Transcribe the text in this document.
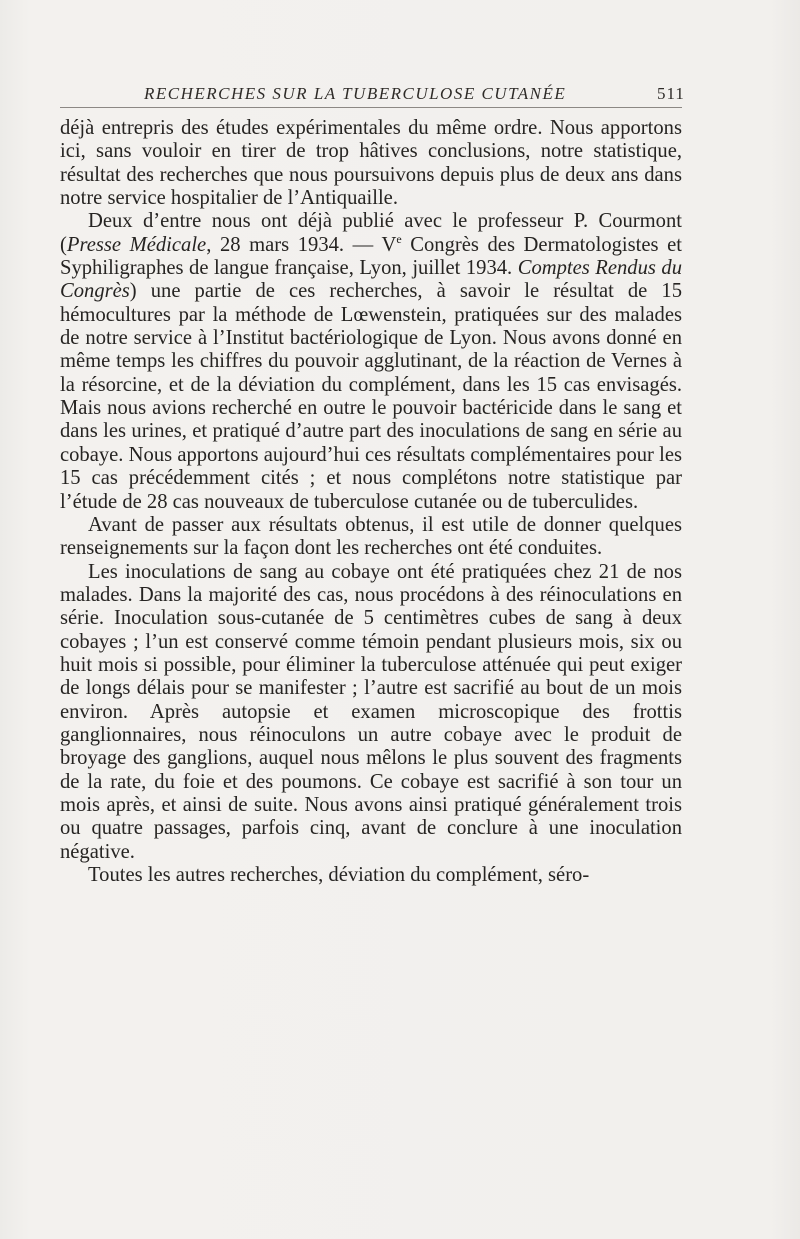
RECHERCHES SUR LA TUBERCULOSE CUTANÉE	511

déjà entrepris des études expérimentales du même ordre. Nous apportons ici, sans vouloir en tirer de trop hâtives conclusions, notre statistique, résultat des recherches que nous poursuivons depuis plus de deux ans dans notre service hospitalier de l’Antiquaille.

Deux d’entre nous ont déjà publié avec le professeur P. Courmont (Presse Médicale, 28 mars 1934. — Ve Congrès des Dermatologistes et Syphiligraphes de langue française, Lyon, juillet 1934. Comptes Rendus du Congrès) une partie de ces recherches, à savoir le résultat de 15 hémocultures par la méthode de Lœwenstein, pratiquées sur des malades de notre service à l’Institut bactériologique de Lyon. Nous avons donné en même temps les chiffres du pouvoir agglutinant, de la réaction de Vernes à la résorcine, et de la déviation du complément, dans les 15 cas envisagés. Mais nous avions recherché en outre le pouvoir bactéricide dans le sang et dans les urines, et pratiqué d’autre part des inoculations de sang en série au cobaye. Nous apportons aujourd’hui ces résultats complémentaires pour les 15 cas précédemment cités ; et nous complétons notre statistique par l’étude de 28 cas nouveaux de tuberculose cutanée ou de tuberculides.

Avant de passer aux résultats obtenus, il est utile de donner quelques renseignements sur la façon dont les recherches ont été conduites.

Les inoculations de sang au cobaye ont été pratiquées chez 21 de nos malades. Dans la majorité des cas, nous procédons à des réinoculations en série. Inoculation sous-cutanée de 5 centimètres cubes de sang à deux cobayes ; l’un est conservé comme témoin pendant plusieurs mois, six ou huit mois si possible, pour éliminer la tuberculose atténuée qui peut exiger de longs délais pour se manifester ; l’autre est sacrifié au bout de un mois environ. Après autopsie et examen microscopique des frottis ganglionnaires, nous réinoculons un autre cobaye avec le produit de broyage des ganglions, auquel nous mêlons le plus souvent des fragments de la rate, du foie et des poumons. Ce cobaye est sacrifié à son tour un mois après, et ainsi de suite. Nous avons ainsi pratiqué généralement trois ou quatre passages, parfois cinq, avant de conclure à une inoculation négative.

Toutes les autres recherches, déviation du complément, séro-
